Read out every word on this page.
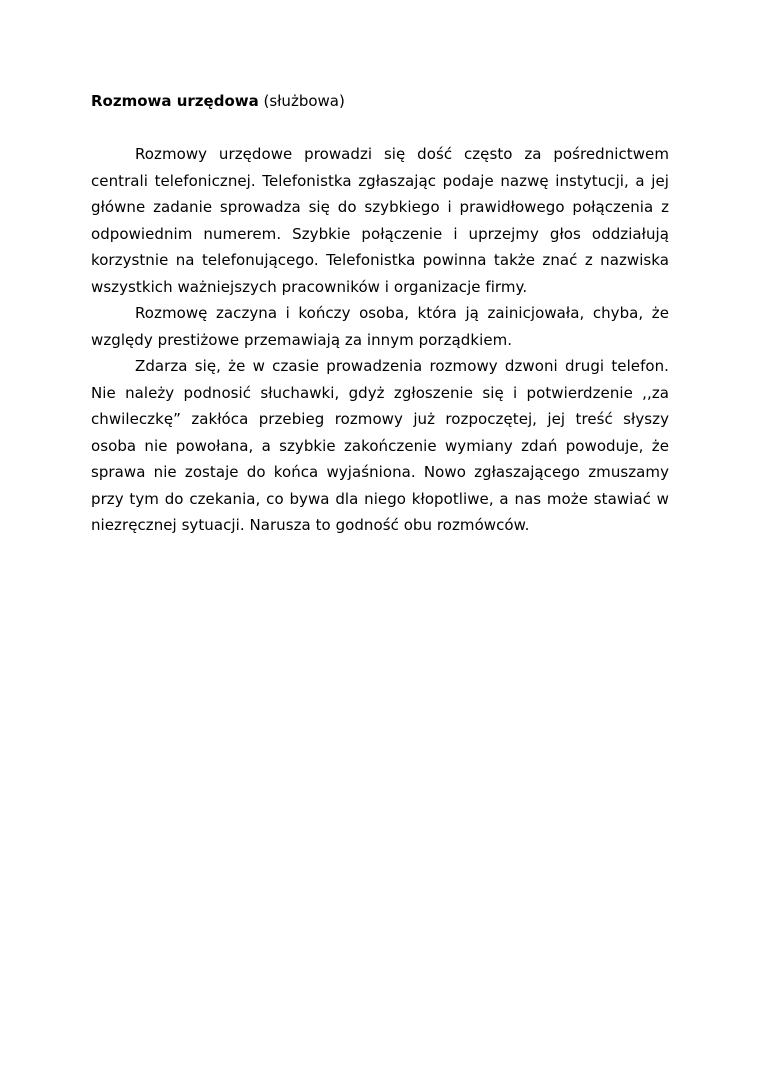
Rozmowa urzędowa (służbowa)

Rozmowy urzędowe prowadzi się dość często za pośrednictwem centrali telefonicznej. Telefonistka zgłaszając podaje nazwę instytucji, a jej główne zadanie sprowadza się do szybkiego i prawidłowego połączenia z odpowiednim numerem. Szybkie połączenie i uprzejmy głos oddziałują korzystnie na telefonującego. Telefonistka powinna także znać z nazwiska wszystkich ważniejszych pracowników i organizacje firmy.

Rozmowę zaczyna i kończy osoba, która ją zainicjowała, chyba, że względy prestiżowe przemawiają za innym porządkiem.

Zdarza się, że w czasie prowadzenia rozmowy dzwoni drugi telefon. Nie należy podnosić słuchawki, gdyż zgłoszenie się i potwierdzenie ,,za chwileczkę” zakłóca przebieg rozmowy już rozpoczętej, jej treść słyszy osoba nie powołana, a szybkie zakończenie wymiany zdań powoduje, że sprawa nie zostaje do końca wyjaśniona. Nowo zgłaszającego zmuszamy przy tym do czekania, co bywa dla niego kłopotliwe, a nas może stawiać w niezręcznej sytuacji. Narusza to godność obu rozmówców.
